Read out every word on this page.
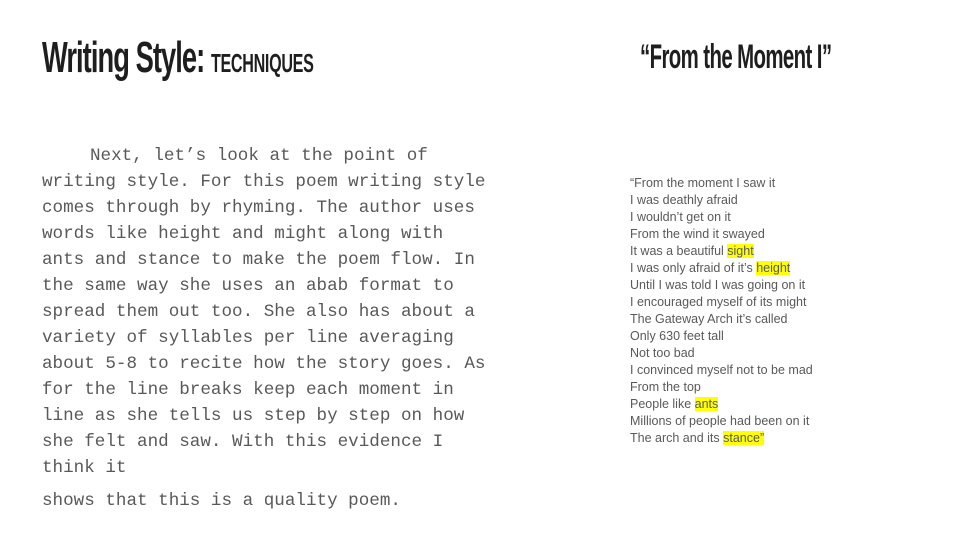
Writing Style: TECHNIQUES	“From the Moment I”

Next, let’s look at the point of writing style. For this poem writing style comes through by rhyming. The author uses words like height and might along with ants and stance to make the poem flow. In the same way she uses an abab format to spread them out too. She also has about a variety of syllables per line averaging about 5-8 to recite how the story goes. As for the line breaks keep each moment in line as she tells us step by step on how she felt and saw. With this evidence I think it

shows that this is a quality poem.

“From the moment I saw it
I was deathly afraid
I wouldn’t get on it
From the wind it swayed
It was a beautiful sight
I was only afraid of it’s height
Until I was told I was going on it
I encouraged myself of its might
The Gateway Arch it’s called
Only 630 feet tall
Not too bad
I convinced myself not to be mad
From the top
People like ants
Millions of people had been on it
The arch and its stance”
